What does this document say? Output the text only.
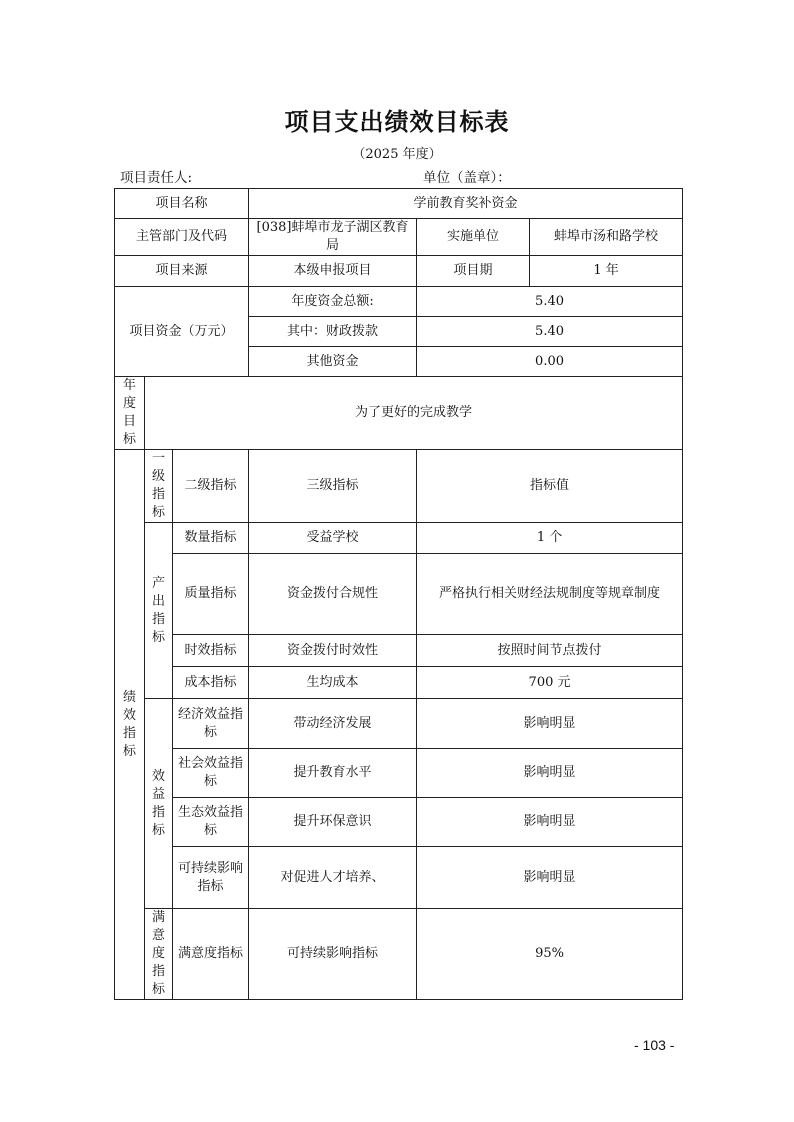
项目支出绩效目标表
（2025 年度）
项目责任人:	单位（盖章）：
项目名称			学前教育奖补资金		
主管部门及代码			[038]蚌埠市龙子湖区教育局	实施单位	蚌埠市汤和路学校
项目来源			本级申报项目	项目期	1 年
项目资金（万元）			年度资金总额:	5.40	
			其中：财政拨款	5.40	
			其他资金	0.00	
年度目标	为了更好的完成教学				
绩效指标	一级指标	二级指标	三级指标	指标值	
	产出指标	数量指标	受益学校	1 个	
		质量指标	资金拨付合规性	严格执行相关财经法规制度等规章制度	
		时效指标	资金拨付时效性	按照时间节点拨付	
		成本指标	生均成本	700 元	
	效益指标	经济效益指标	带动经济发展	影响明显	
		社会效益指标	提升教育水平	影响明显	
		生态效益指标	提升环保意识	影响明显	
		可持续影响指标	对促进人才培养、	影响明显	
	满意度指标	满意度指标	可持续影响指标	95%	
- 103 -
